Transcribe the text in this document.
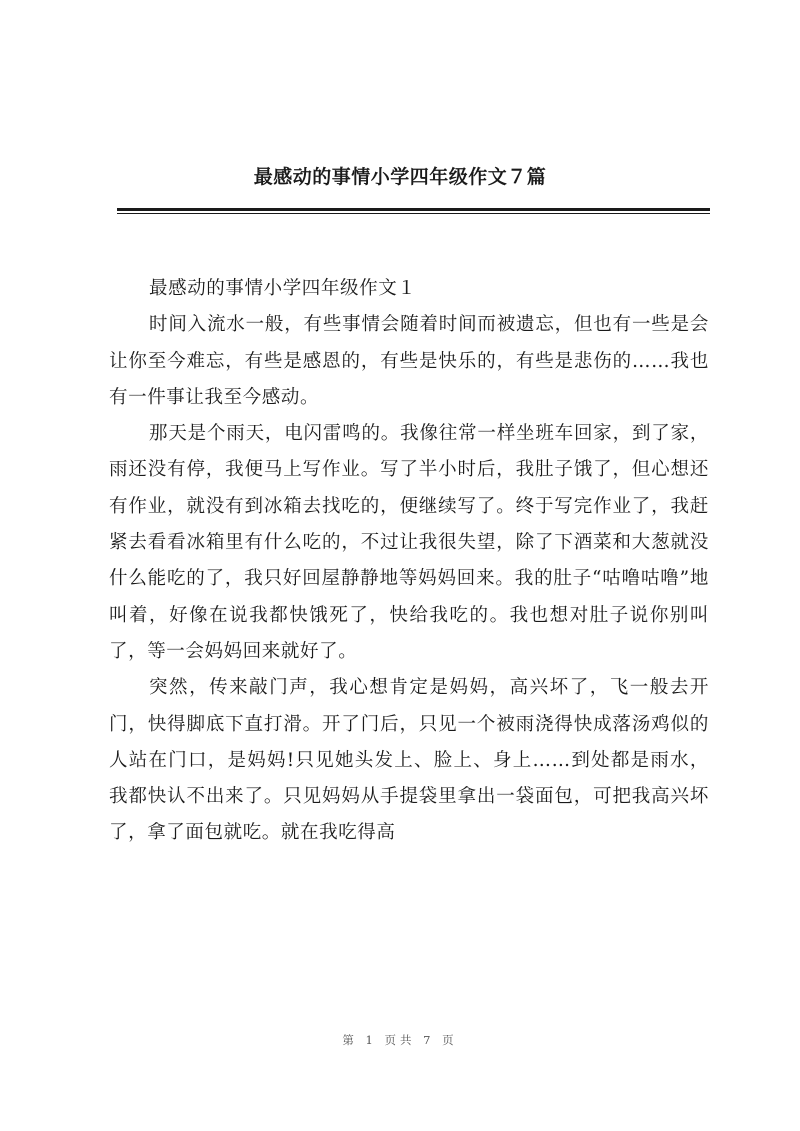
最感动的事情小学四年级作文７篇

最感动的事情小学四年级作文１

时间入流水一般，有些事情会随着时间而被遗忘，但也有一些是会让你至今难忘，有些是感恩的，有些是快乐的，有些是悲伤的……我也有一件事让我至今感动。

那天是个雨天，电闪雷鸣的。我像往常一样坐班车回家，到了家，雨还没有停，我便马上写作业。写了半小时后，我肚子饿了，但心想还有作业，就没有到冰箱去找吃的，便继续写了。终于写完作业了，我赶紧去看看冰箱里有什么吃的，不过让我很失望，除了下酒菜和大葱就没什么能吃的了，我只好回屋静静地等妈妈回来。我的肚子“咕噜咕噜”地叫着，好像在说我都快饿死了，快给我吃的。我也想对肚子说你别叫了，等一会妈妈回来就好了。

突然，传来敲门声，我心想肯定是妈妈，高兴坏了，飞一般去开门，快得脚底下直打滑。开了门后，只见一个被雨浇得快成落汤鸡似的人站在门口，是妈妈!只见她头发上、脸上、身上……到处都是雨水，我都快认不出来了。只见妈妈从手提袋里拿出一袋面包，可把我高兴坏了，拿了面包就吃。就在我吃得高

第 1 页共 7 页
